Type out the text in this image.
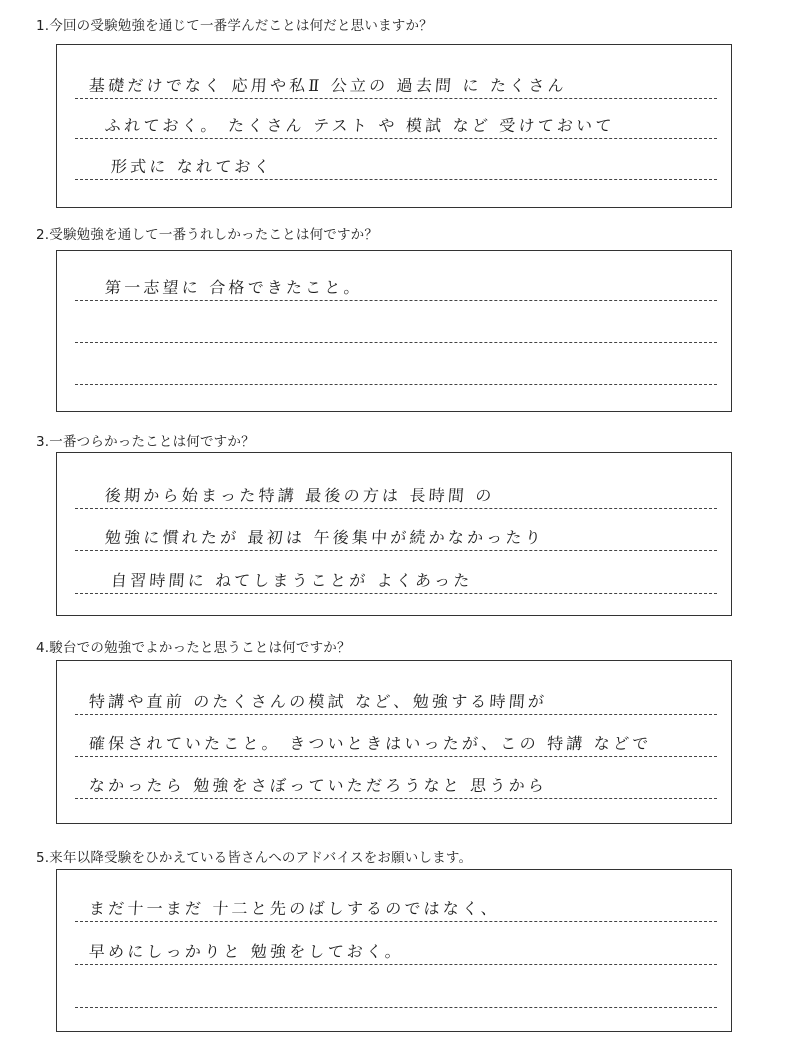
1.今回の受験勉強を通じて一番学んだことは何だと思いますか？
基礎だけでなく 応用や私Ⅱ 公立の 過去問 に たくさん
ふれておく。 たくさん テスト や 模試 など 受けておいて
形式に なれておく
2.受験勉強を通して一番うれしかったことは何ですか？
第一志望に 合格できたこと。
3.一番つらかったことは何ですか？
後期から始まった特講 最後の方は 長時間 の
勉強に慣れたが 最初は 午後集中が続かなかったり
自習時間に ねてしまうことが よくあった
4.駿台での勉強でよかったと思うことは何ですか？
特講や直前 のたくさんの模試 など、勉強する時間が
確保されていたこと。 きついときはいったが、この 特講 などで
なかったら 勉強をさぼっていただろうなと 思うから
5.来年以降受験をひかえている皆さんへのアドバイスをお願いします。
まだ十一まだ 十二と先のばしするのではなく、
早めにしっかりと 勉強をしておく。
